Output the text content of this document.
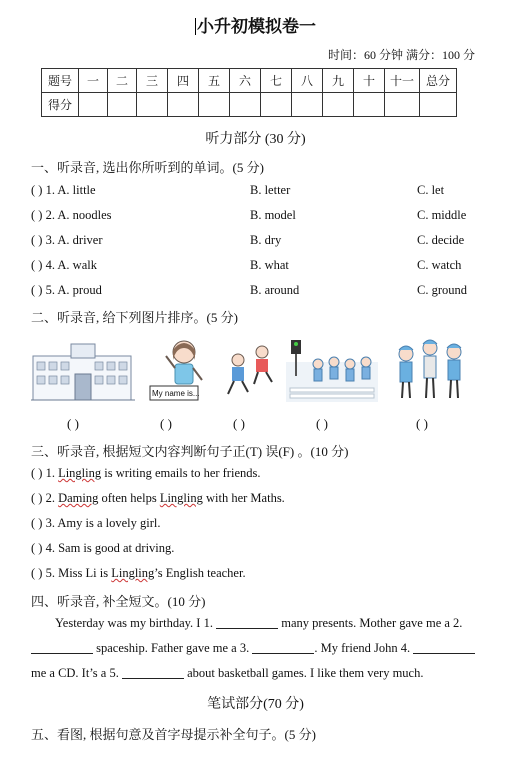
小升初模拟卷一
时间：60 分钟 满分：100 分
题号	一	二	三	四	五	六	七	八	九	十	十一	总分
得分												
听力部分 (30 分)
一、听录音, 选出你所听到的单词。(5 分)
( ) 1. A. little	B. letter	C. let
( ) 2. A. noodles	B. model	C. middle
( ) 3. A. driver	B. dry	C. decide
( ) 4. A. walk	B. what	C. watch
( ) 5. A. proud	B. around	C. ground
二、听录音, 给下列图片排序。(5 分)
My name is...
( )	( )	( )	( )	( )
三、听录音, 根据短文内容判断句子正(T) 误(F) 。(10 分)
( ) 1. Lingling is writing emails to her friends.
( ) 2. Daming often helps Lingling with her Maths.
( ) 3. Amy is a lovely girl.
( ) 4. Sam is good at driving.
( ) 5. Miss Li is Lingling’s English teacher.
四、听录音, 补全短文。(10 分)
Yesterday was my birthday. I 1.	many presents. Mother gave me a 2.
spaceship. Father gave me a 3.	. My friend John 4.
me a CD. It’s a 5.	about basketball games. I like them very much.
笔试部分(70 分)
五、看图, 根据句意及首字母提示补全句子。(5 分)
